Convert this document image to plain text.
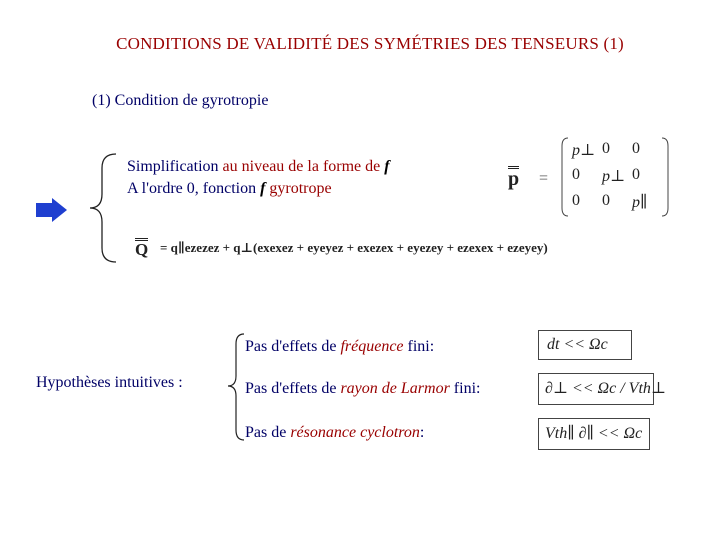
CONDITIONS DE VALIDITÉ DES SYMÉTRIES DES TENSEURS (1)
(1) Condition de gyrotropie
Simplification au niveau de la forme de f
A l'ordre 0, fonction f gyrotrope	p =
p⊥ 0	0
0	p⊥ 0
0	0	p∥
Q = q∥ezezez + q⊥(exexez + eyeyez + exezex + eyezey + ezexex + ezeyey)
Hypothèses intuitives :
Pas d'effets de fréquence fini:	dt << Ωc
Pas d'effets de rayon de Larmor fini:	∂⊥ << Ωc / Vth⊥
Pas de résonance cyclotron:	Vth∥ ∂∥ << Ωc
